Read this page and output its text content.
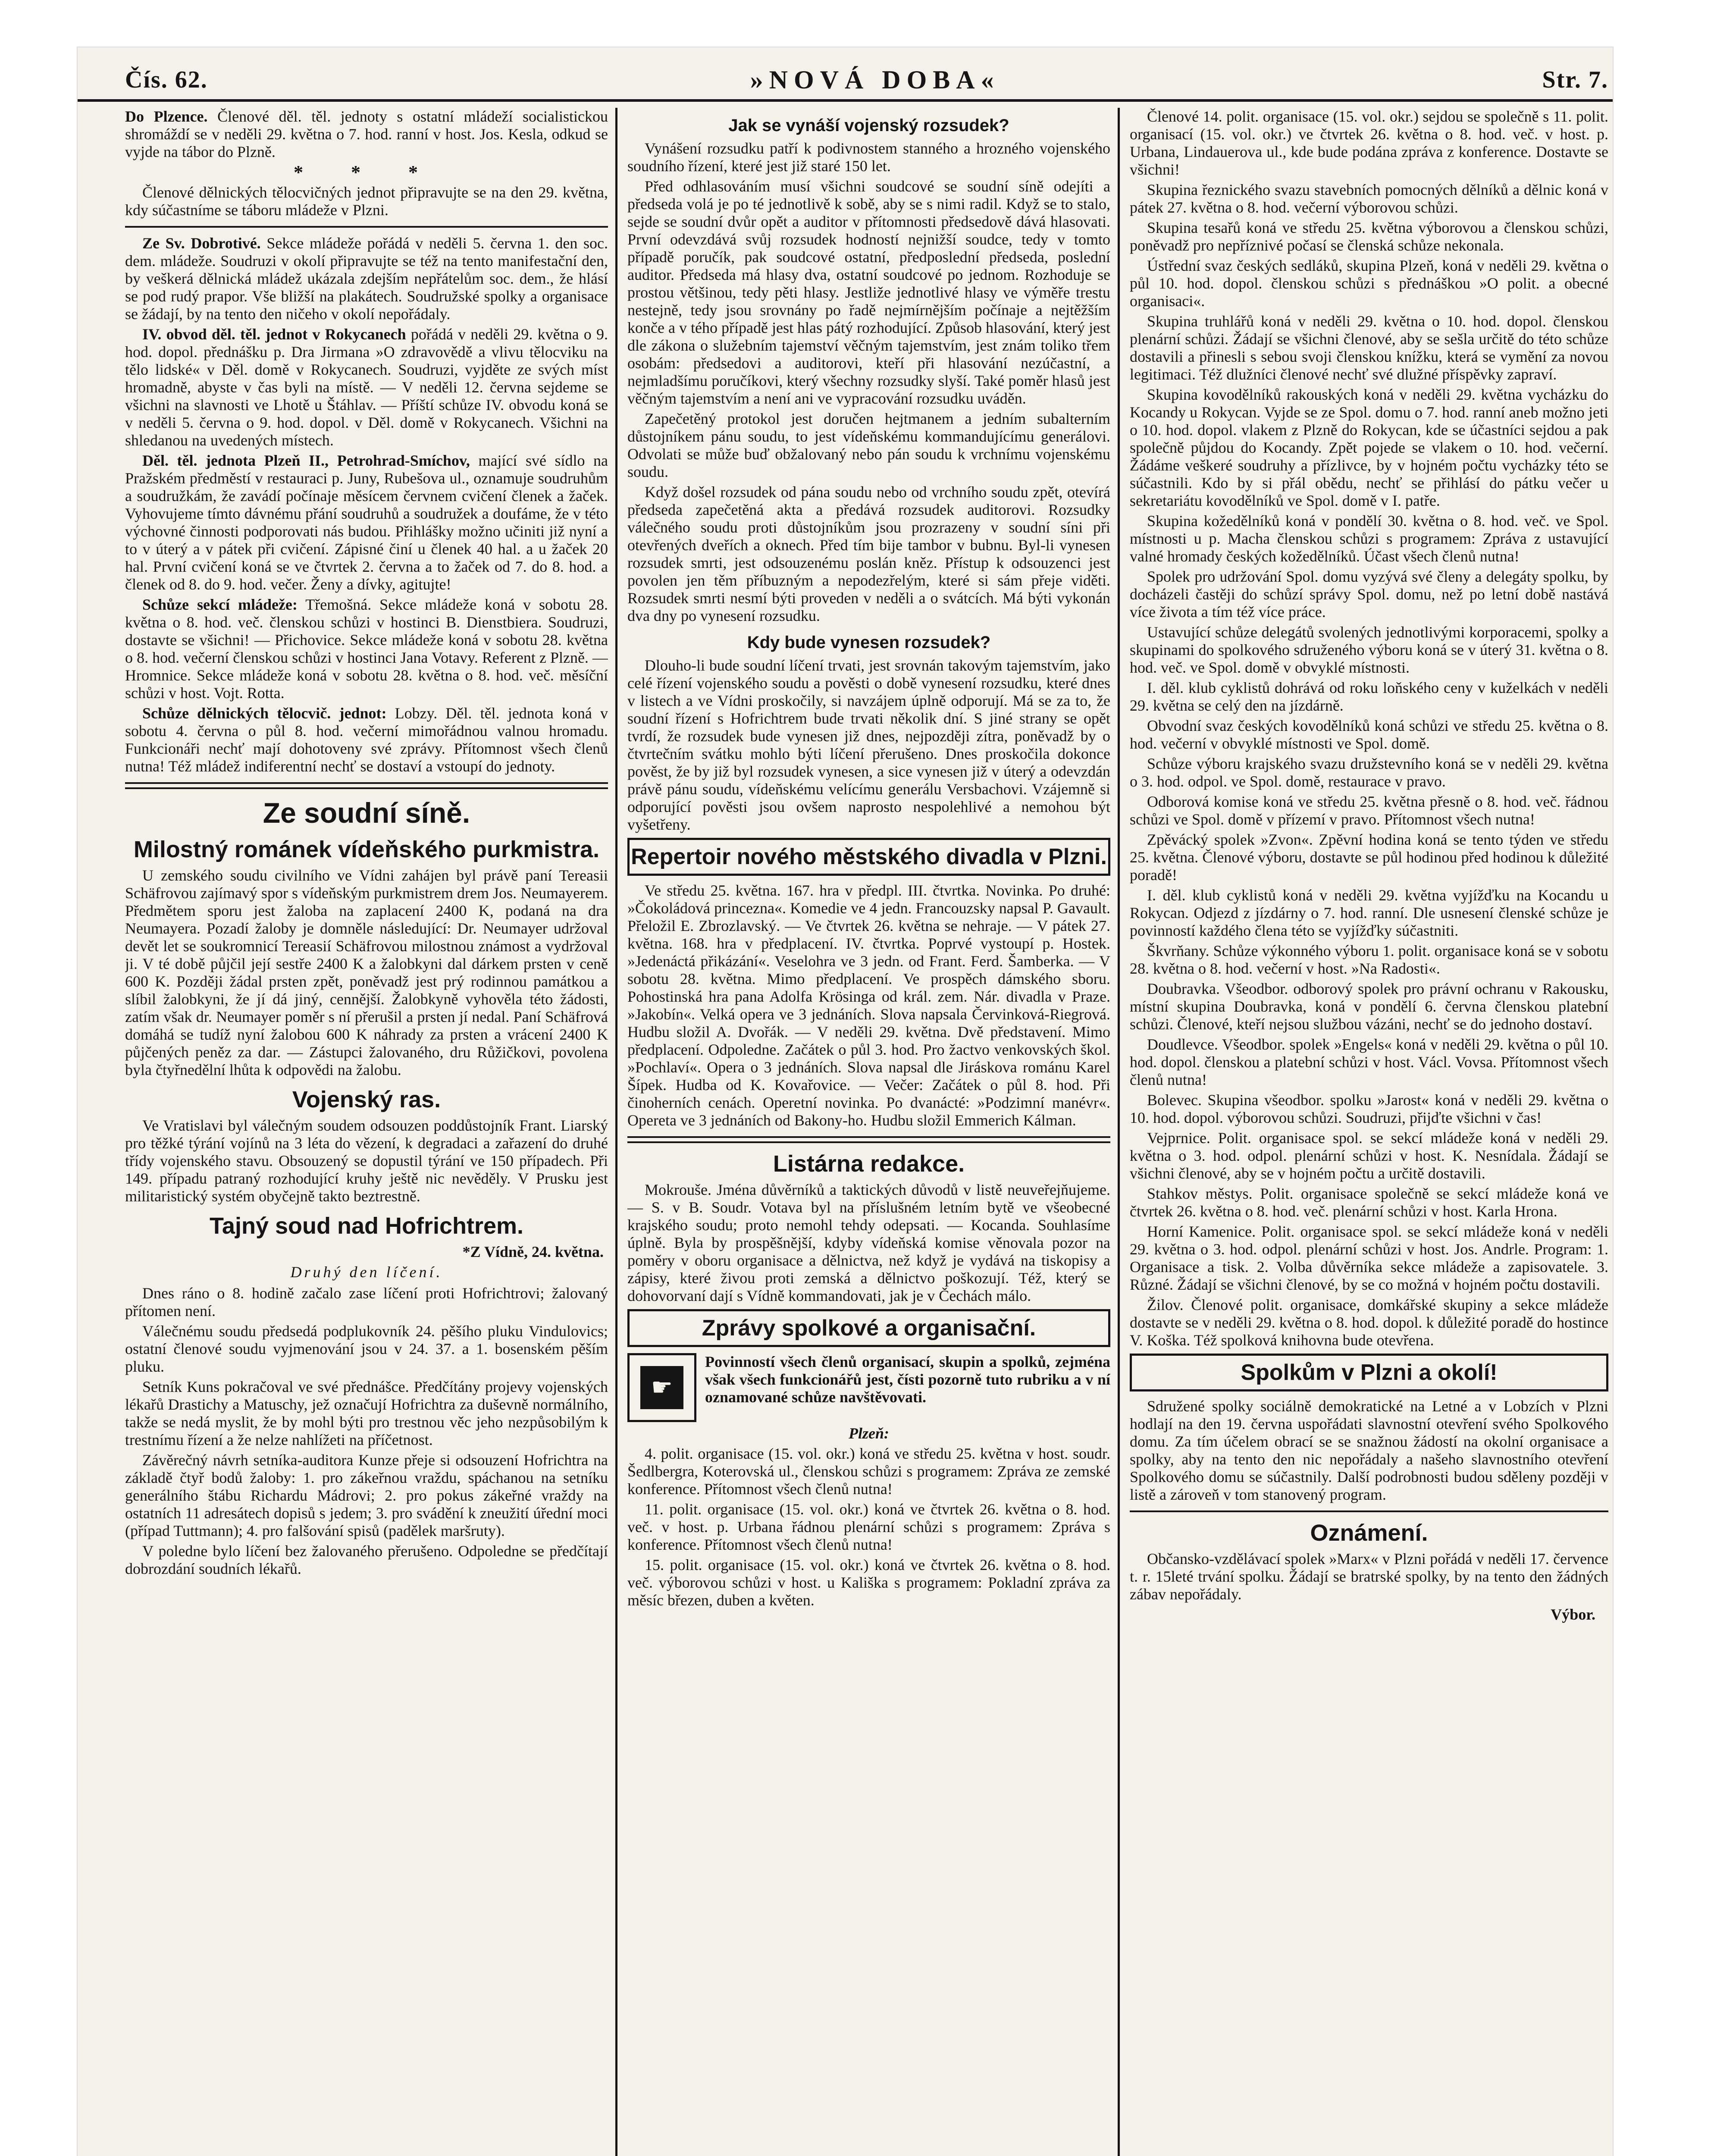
Čís. 62.	»NOVÁ DOBA«	Str. 7.

Do Plzence. Členové děl. těl. jednoty s ostatní mládeží socialistickou shromáždí se v neděli 29. května o 7. hod. ranní v host. Jos. Kesla, odkud se vyjde na tábor do Plzně.

* * *

Členové dělnických tělocvičných jednot připravujte se na den 29. května, kdy súčastníme se táboru mládeže v Plzni.

Ze Sv. Dobrotivé. Sekce mládeže pořádá v neděli 5. června 1. den soc. dem. mládeže. Soudruzi v okolí připravujte se též na tento manifestační den, by veškerá dělnická mládež ukázala zdejším nepřátelům soc. dem., že hlásí se pod rudý prapor. Vše bližší na plakátech. Soudružské spolky a organisace se žádají, by na tento den ničeho v okolí nepořádaly.

IV. obvod děl. těl. jednot v Rokycanech pořádá v neděli 29. května o 9. hod. dopol. přednášku p. Dra Jirmana »O zdravovědě a vlivu tělocviku na tělo lidské« v Děl. domě v Rokycanech. Soudruzi, vyjděte ze svých míst hromadně, abyste v čas byli na místě. — V neděli 12. června sejdeme se všichni na slavnosti ve Lhotě u Štáhlav. — Příští schůze IV. obvodu koná se v neděli 5. června o 9. hod. dopol. v Děl. domě v Rokycanech. Všichni na shledanou na uvedených místech.

Děl. těl. jednota Plzeň II., Petrohrad-Smíchov, mající své sídlo na Pražském předměstí v restauraci p. Juny, Rubešova ul., oznamuje soudruhům a soudružkám, že zavádí počínaje měsícem červnem cvičení členek a žaček. Vyhovujeme tímto dávnému přání soudruhů a soudružek a doufáme, že v této výchovné činnosti podporovati nás budou. Přihlášky možno učiniti již nyní a to v úterý a v pátek při cvičení. Zápisné činí u členek 40 hal. a u žaček 20 hal. První cvičení koná se ve čtvrtek 2. června a to žaček od 7. do 8. hod. a členek od 8. do 9. hod. večer. Ženy a dívky, agitujte!

Schůze sekcí mládeže: Třemošná. Sekce mládeže koná v sobotu 28. května o 8. hod. več. členskou schůzi v hostinci B. Dienstbiera. Soudruzi, dostavte se všichni! — Přichovice. Sekce mládeže koná v sobotu 28. května o 8. hod. večerní členskou schůzi v hostinci Jana Votavy. Referent z Plzně. — Hromnice. Sekce mládeže koná v sobotu 28. května o 8. hod. več. měsíční schůzi v host. Vojt. Rotta.

Schůze dělnických tělocvič. jednot: Lobzy. Děl. těl. jednota koná v sobotu 4. června o půl 8. hod. večerní mimořádnou valnou hromadu. Funkcionáři nechť mají dohotoveny své zprávy. Přítomnost všech členů nutna! Též mládež indiferentní nechť se dostaví a vstoupí do jednoty.

Ze soudní síně.
Milostný románek vídeňského purkmistra.

U zemského soudu civilního ve Vídni zahájen byl právě paní Tereasii Schäfrovou zajímavý spor s vídeňským purkmistrem drem Jos. Neumayerem. Předmětem sporu jest žaloba na zaplacení 2400 K, podaná na dra Neumayera. Pozadí žaloby je domněle následující: Dr. Neumayer udržoval devět let se soukromnicí Tereasií Schäfrovou milostnou známost a vydržoval ji. V té době půjčil její sestře 2400 K a žalobkyni dal dárkem prsten v ceně 600 K. Později žádal prsten zpět, poněvadž jest prý rodinnou památkou a slíbil žalobkyni, že jí dá jiný, cennější. Žalobkyně vyhověla této žádosti, zatím však dr. Neumayer poměr s ní přerušil a prsten jí nedal. Paní Schäfrová domáhá se tudíž nyní žalobou 600 K náhrady za prsten a vrácení 2400 K půjčených peněz za dar. — Zástupci žalovaného, dru Růžičkovi, povolena byla čtyřnedělní lhůta k odpovědi na žalobu.

Vojenský ras.

Ve Vratislavi byl válečným soudem odsouzen poddůstojník Frant. Liarský pro těžké týrání vojínů na 3 léta do vězení, k degradaci a zařazení do druhé třídy vojenského stavu. Obsouzený se dopustil týrání ve 150 případech. Při 149. případu patraný rozhodující kruhy ještě nic nevěděly. V Prusku jest militaristický systém obyčejně takto beztrestně.

Tajný soud nad Hofrichtrem.
*Z Vídně, 24. května.
Druhý den líčení.

Dnes ráno o 8. hodině začalo zase líčení proti Hofrichtrovi; žalovaný přítomen není.

Válečnému soudu předsedá podplukovník 24. pěšího pluku Vindulovics; ostatní členové soudu vyjmenování jsou v 24. 37. a 1. bosenském pěším pluku.

Setník Kuns pokračoval ve své přednášce. Předčítány projevy vojenských lékařů Drastichy a Matuschy, jež označují Hofrichtra za duševně normálního, takže se nedá myslit, že by mohl býti pro trestnou věc jeho nezpůsobilým k trestnímu řízení a že nelze nahlížeti na příčetnost.

Závěrečný návrh setníka-auditora Kunze přeje si odsouzení Hofrichtra na základě čtyř bodů žaloby: 1. pro zákeřnou vraždu, spáchanou na setníku generálního štábu Richardu Mádrovi; 2. pro pokus zákeřné vraždy na ostatních 11 adresátech dopisů s jedem; 3. pro svádění k zneužití úřední moci (případ Tuttmann); 4. pro falšování spisů (padělek maršruty).

V poledne bylo líčení bez žalovaného přerušeno. Odpoledne se předčítají dobrozdání soudních lékařů.

Jak se vynáší vojenský rozsudek?

Vynášení rozsudku patří k podivnostem stanného a hrozného vojenského soudního řízení, které jest již staré 150 let.

Před odhlasováním musí všichni soudcové se soudní síně odejíti a předseda volá je po té jednotlivě k sobě, aby se s nimi radil. Když se to stalo, sejde se soudní dvůr opět a auditor v přítomnosti předsedově dává hlasovati. První odevzdává svůj rozsudek hodností nejnižší soudce, tedy v tomto případě poručík, pak soudcové ostatní, předposlední předseda, poslední auditor. Předseda má hlasy dva, ostatní soudcové po jednom. Rozhoduje se prostou většinou, tedy pěti hlasy. Jestliže jednotlivé hlasy ve výměře trestu nestejně, tedy jsou srovnány po řadě nejmírnějším počínaje a nejtěžším konče a v tého případě jest hlas pátý rozhodující. Způsob hlasování, který jest dle zákona o služebním tajemství věčným tajemstvím, jest znám toliko třem osobám: předsedovi a auditorovi, kteří při hlasování nezúčastní, a nejmladšímu poručíkovi, který všechny rozsudky slyší. Také poměr hlasů jest věčným tajemstvím a není ani ve vypracování rozsudku uváděn.

Zapečetěný protokol jest doručen hejtmanem a jedním subalterním důstojníkem pánu soudu, to jest vídeňskému kommandujícímu generálovi. Odvolati se může buď obžalovaný nebo pán soudu k vrchnímu vojenskému soudu.

Když došel rozsudek od pána soudu nebo od vrchního soudu zpět, otevírá předseda zapečetěná akta a předává rozsudek auditorovi. Rozsudky válečného soudu proti důstojníkům jsou prozrazeny v soudní síni při otevřených dveřích a oknech. Před tím bije tambor v bubnu. Byl-li vynesen rozsudek smrti, jest odsouzenému poslán kněz. Přístup k odsouzenci jest povolen jen těm příbuzným a nepodezřelým, které si sám přeje viděti. Rozsudek smrti nesmí býti proveden v neděli a o svátcích. Má býti vykonán dva dny po vynesení rozsudku.

Kdy bude vynesen rozsudek?

Dlouho-li bude soudní líčení trvati, jest srovnán takovým tajemstvím, jako celé řízení vojenského soudu a pověsti o době vynesení rozsudku, které dnes v listech a ve Vídni proskočily, si navzájem úplně odporují. Má se za to, že soudní řízení s Hofrichtrem bude trvati několik dní. S jiné strany se opět tvrdí, že rozsudek bude vynesen již dnes, nejpozději zítra, poněvadž by o čtvrtečním svátku mohlo býti líčení přerušeno. Dnes proskočila dokonce pověst, že by již byl rozsudek vynesen, a sice vynesen již v úterý a odevzdán právě pánu soudu, vídeňskému velícímu generálu Versbachovi. Vzájemně si odporující pověsti jsou ovšem naprosto nespolehlivé a nemohou být vyšetřeny.

Repertoir nového městského divadla v Plzni.

Ve středu 25. května. 167. hra v předpl. III. čtvrtka. Novinka. Po druhé: »Čokoládová princezna«. Komedie ve 4 jedn. Francouzsky napsal P. Gavault. Přeložil E. Zbrozlavský. — Ve čtvrtek 26. května se nehraje. — V pátek 27. května. 168. hra v předplacení. IV. čtvrtka. Poprvé vystoupí p. Hostek. »Jedenáctá přikázání«. Veselohra ve 3 jedn. od Frant. Ferd. Šamberka. — V sobotu 28. května. Mimo předplacení. Ve prospěch dámského sboru. Pohostinská hra pana Adolfa Krösinga od král. zem. Nár. divadla v Praze. »Jakobín«. Velká opera ve 3 jednáních. Slova napsala Červinková-Riegrová. Hudbu složil A. Dvořák. — V neděli 29. května. Dvě představení. Mimo předplacení. Odpoledne. Začátek o půl 3. hod. Pro žactvo venkovských škol. »Pochlaví«. Opera o 3 jednáních. Slova napsal dle Jiráskova románu Karel Šípek. Hudba od K. Kovařovice. — Večer: Začátek o půl 8. hod. Při činoherních cenách. Operetní novinka. Po dvanácté: »Podzimní manévr«. Opereta ve 3 jednáních od Bakony-ho. Hudbu složil Emmerich Kálman.

Listárna redakce.

Mokrouše. Jména důvěrníků a taktických důvodů v listě neuveřejňujeme. — S. v B. Soudr. Votava byl na příslušném letním bytě ve všeobecné krajského soudu; proto nemohl tehdy odepsati. — Kocanda. Souhlasíme úplně. Byla by prospěšnější, kdyby vídeňská komise věnovala pozor na poměry v oboru organisace a dělnictva, než když je vydává na tiskopisy a zápisy, které živou proti zemská a dělnictvo poškozují. Též, který se dohovorvaní dají s Vídně kommandovati, jak je v Čechách málo.

Zprávy spolkové a organisační.
☛

Povinností všech členů organisací, skupin a spolků, zejména však všech funkcionářů jest, čísti pozorně tuto rubriku a v ní oznamované schůze navštěvovati.

Plzeň:

4. polit. organisace (15. vol. okr.) koná ve středu 25. května v host. soudr. Šedlbergra, Koterovská ul., členskou schůzi s programem: Zpráva ze zemské konference. Přítomnost všech členů nutna!

11. polit. organisace (15. vol. okr.) koná ve čtvrtek 26. května o 8. hod. več. v host. p. Urbana řádnou plenární schůzi s programem: Zpráva s konference. Přítomnost všech členů nutna!

15. polit. organisace (15. vol. okr.) koná ve čtvrtek 26. května o 8. hod. več. výborovou schůzi v host. u Kališka s programem: Pokladní zpráva za měsíc březen, duben a květen.

Členové 14. polit. organisace (15. vol. okr.) sejdou se společně s 11. polit. organisací (15. vol. okr.) ve čtvrtek 26. května o 8. hod. več. v host. p. Urbana, Lindauerova ul., kde bude podána zpráva z konference. Dostavte se všichni!

Skupina řeznického svazu stavebních pomocných dělníků a dělnic koná v pátek 27. května o 8. hod. večerní výborovou schůzi.

Skupina tesařů koná ve středu 25. května výborovou a členskou schůzi, poněvadž pro nepříznivé počasí se členská schůze nekonala.

Ústřední svaz českých sedláků, skupina Plzeň, koná v neděli 29. května o půl 10. hod. dopol. členskou schůzi s přednáškou »O polit. a obecné organisaci«.

Skupina truhlářů koná v neděli 29. května o 10. hod. dopol. členskou plenární schůzi. Žádají se všichni členové, aby se sešla určitě do této schůze dostavili a přinesli s sebou svoji členskou knížku, která se vymění za novou legitimaci. Též dlužníci členové nechť své dlužné příspěvky zapraví.

Skupina kovodělníků rakouských koná v neděli 29. května vycházku do Kocandy u Rokycan. Vyjde se ze Spol. domu o 7. hod. ranní aneb možno jeti o 10. hod. dopol. vlakem z Plzně do Rokycan, kde se účastníci sejdou a pak společně půjdou do Kocandy. Zpět pojede se vlakem o 10. hod. večerní. Žádáme veškeré soudruhy a přízlivce, by v hojném počtu vycházky této se súčastnili. Kdo by si přál obědu, nechť se přihlásí do pátku večer u sekretariátu kovodělníků ve Spol. domě v I. patře.

Skupina kožedělníků koná v pondělí 30. května o 8. hod. več. ve Spol. místnosti u p. Macha členskou schůzi s programem: Zpráva z ustavující valné hromady českých kožedělníků. Účast všech členů nutna!

Spolek pro udržování Spol. domu vyzývá své členy a delegáty spolku, by docházeli častěji do schůzí správy Spol. domu, než po letní době nastává více života a tím též více práce.

Ustavující schůze delegátů svolených jednotlivými korporacemi, spolky a skupinami do spolkového sdruženého výboru koná se v úterý 31. května o 8. hod. več. ve Spol. domě v obvyklé místnosti.

I. děl. klub cyklistů dohrává od roku loňského ceny v kuželkách v neděli 29. května se celý den na jízdárně.

Obvodní svaz českých kovodělníků koná schůzi ve středu 25. května o 8. hod. večerní v obvyklé místnosti ve Spol. domě.

Schůze výboru krajského svazu družstevního koná se v neděli 29. května o 3. hod. odpol. ve Spol. domě, restaurace v pravo.

Odborová komise koná ve středu 25. května přesně o 8. hod. več. řádnou schůzi ve Spol. domě v přízemí v pravo. Přítomnost všech nutna!

Zpěvácký spolek »Zvon«. Zpěvní hodina koná se tento týden ve středu 25. května. Členové výboru, dostavte se půl hodinou před hodinou k důležité poradě!

I. děl. klub cyklistů koná v neděli 29. května vyjížďku na Kocandu u Rokycan. Odjezd z jízdárny o 7. hod. ranní. Dle usnesení členské schůze je povinností každého člena této se vyjížďky súčastniti.

Škvrňany. Schůze výkonného výboru 1. polit. organisace koná se v sobotu 28. května o 8. hod. večerní v host. »Na Radosti«.

Doubravka. Všeodbor. odborový spolek pro právní ochranu v Rakousku, místní skupina Doubravka, koná v pondělí 6. června členskou platební schůzi. Členové, kteří nejsou službou vázáni, nechť se do jednoho dostaví.

Doudlevce. Všeodbor. spolek »Engels« koná v neděli 29. května o půl 10. hod. dopol. členskou a platební schůzi v host. Václ. Vovsa. Přítomnost všech členů nutna!

Bolevec. Skupina všeodbor. spolku »Jarost« koná v neděli 29. května o 10. hod. dopol. výborovou schůzi. Soudruzi, přijďte všichni v čas!

Vejprnice. Polit. organisace spol. se sekcí mládeže koná v neděli 29. května o 3. hod. odpol. plenární schůzi v host. K. Nesnídala. Žádají se všichni členové, aby se v hojném počtu a určitě dostavili.

Stahkov městys. Polit. organisace společně se sekcí mládeže koná ve čtvrtek 26. května o 8. hod. več. plenární schůzi v host. Karla Hrona.

Horní Kamenice. Polit. organisace spol. se sekcí mládeže koná v neděli 29. května o 3. hod. odpol. plenární schůzi v host. Jos. Andrle. Program: 1. Organisace a tisk. 2. Volba důvěrníka sekce mládeže a zapisovatele. 3. Různé. Žádají se všichni členové, by se co možná v hojném počtu dostavili.

Žilov. Členové polit. organisace, domkářské skupiny a sekce mládeže dostavte se v neděli 29. května o 8. hod. dopol. k důležité poradě do hostince V. Koška. Též spolková knihovna bude otevřena.

Spolkům v Plzni a okolí!

Sdružené spolky sociálně demokratické na Letné a v Lobzích v Plzni hodlají na den 19. června uspořádati slavnostní otevření svého Spolkového domu. Za tím účelem obrací se se snažnou žádostí na okolní organisace a spolky, aby na tento den nic nepořádaly a našeho slavnostního otevření Spolkového domu se súčastnily. Další podrobnosti budou sděleny později v listě a zároveň v tom stanovený program.

Oznámení.

Občansko-vzdělávací spolek »Marx« v Plzni pořádá v neděli 17. července t. r. 15leté trvání spolku. Žádají se bratrské spolky, by na tento den žádných zábav nepořádaly.

Výbor.
